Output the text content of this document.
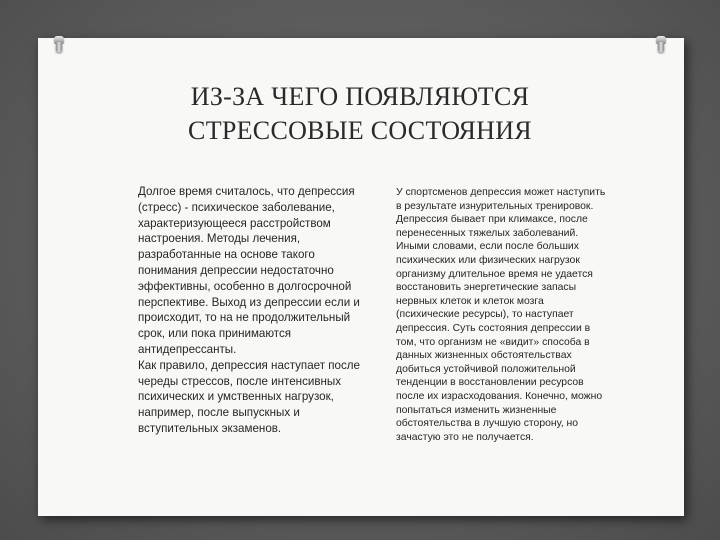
ИЗ-ЗА ЧЕГО ПОЯВЛЯЮТСЯ
СТРЕССОВЫЕ СОСТОЯНИЯ

Долгое время считалось, что депрессия (стресс) - психическое заболевание, характеризующееся расстройством настроения. Методы лечения, разработанные на основе такого понимания депрессии недостаточно эффективны, особенно в долгосрочной перспективе. Выход из депрессии если и происходит, то на не продолжительный срок, или пока принимаются антидепрессанты.

Как правило, депрессия наступает после череды стрессов, после интенсивных психических и умственных нагрузок, например, после выпускных и вступительных экзаменов.

У спортсменов депрессия может наступить в результате изнурительных тренировок. Депрессия бывает при климаксе, после перенесенных тяжелых заболеваний. Иными словами, если после больших психических или физических нагрузок организму длительное время не удается восстановить энергетические запасы нервных клеток и клеток мозга (психические ресурсы), то наступает депрессия. Суть состояния депрессии в том, что организм не «видит» способа в данных жизненных обстоятельствах добиться устойчивой положительной тенденции в восстановлении ресурсов после их израсходования. Конечно, можно попытаться изменить жизненные обстоятельства в лучшую сторону, но зачастую это не получается.
